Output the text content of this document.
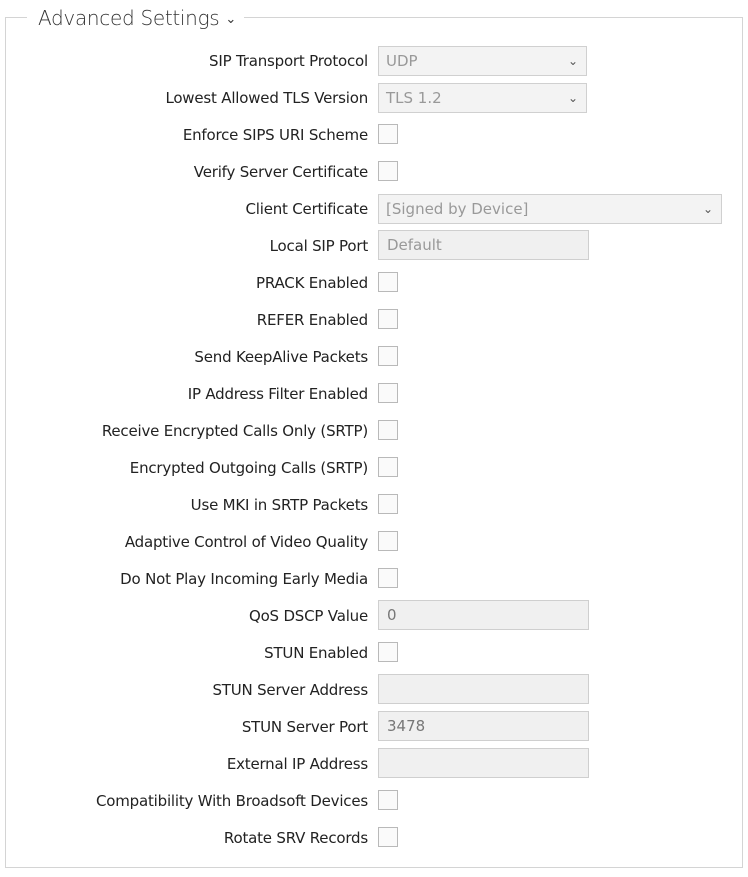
Advanced Settings ⌄
SIP Transport Protocol	UDP	⌄
Lowest Allowed TLS Version	TLS 1.2	⌄
Enforce SIPS URI Scheme
Verify Server Certificate
Client Certificate	[Signed by Device]	⌄
Local SIP Port	Default
PRACK Enabled
REFER Enabled
Send KeepAlive Packets
IP Address Filter Enabled
Receive Encrypted Calls Only (SRTP)
Encrypted Outgoing Calls (SRTP)
Use MKI in SRTP Packets
Adaptive Control of Video Quality
Do Not Play Incoming Early Media
QoS DSCP Value	0
STUN Enabled
STUN Server Address
STUN Server Port	3478
External IP Address
Compatibility With Broadsoft Devices
Rotate SRV Records
